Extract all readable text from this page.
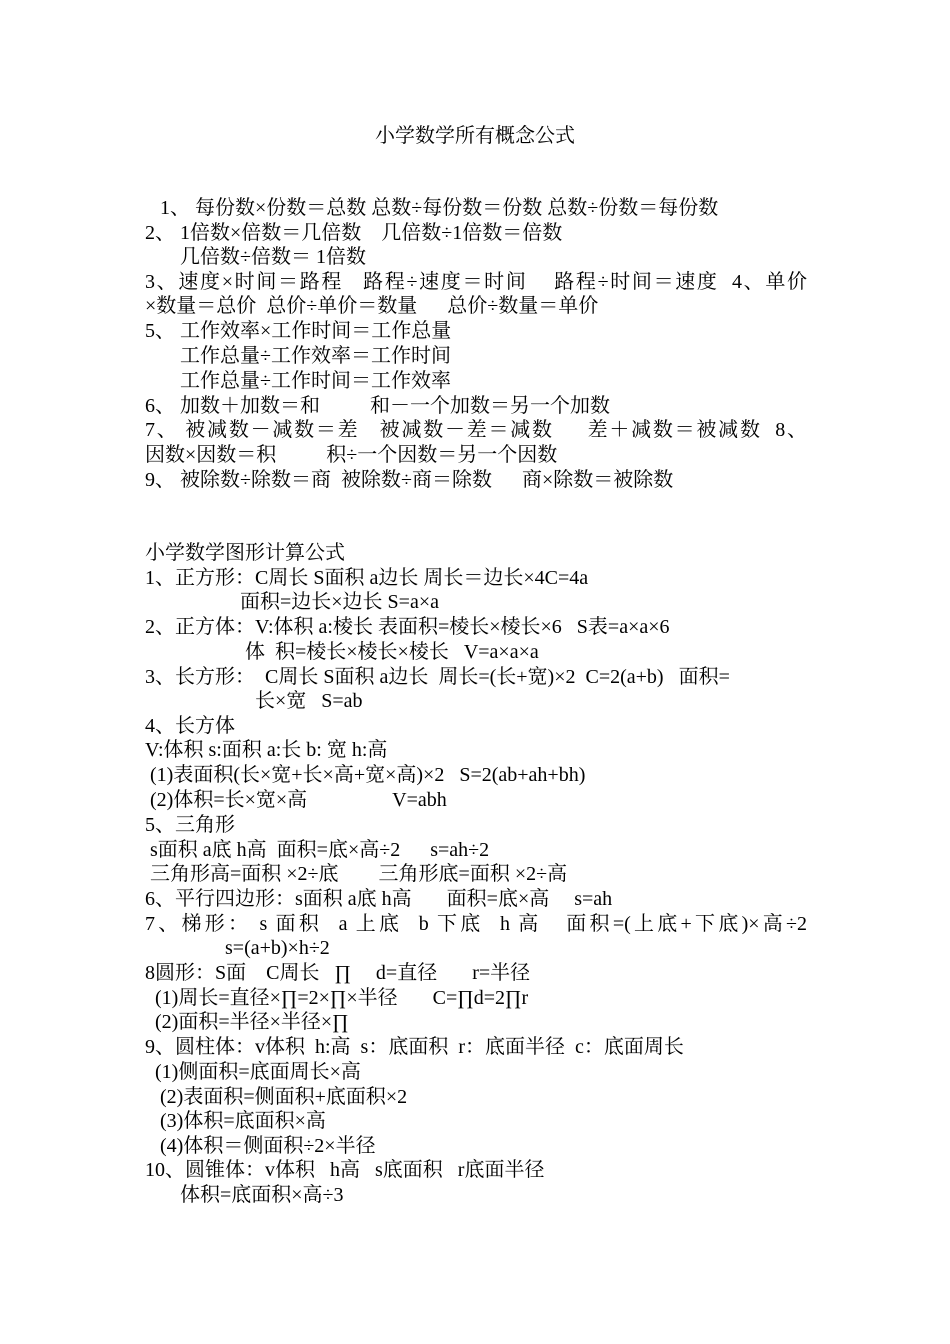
小学数学所有概念公式
1、 每份数×份数＝总数 总数÷每份数＝份数 总数÷份数＝每份数
2、 1倍数×倍数＝几倍数    几倍数÷1倍数＝倍数
几倍数÷倍数＝ 1倍数
3、速度×时间＝路程   路程÷速度＝时间    路程÷时间＝速度  4、单价
×数量＝总价  总价÷单价＝数量      总价÷数量＝单价
5、 工作效率×工作时间＝工作总量
工作总量÷工作效率＝工作时间
工作总量÷工作时间＝工作效率
6、 加数＋加数＝和          和－一个加数＝另一个加数
7、 被减数－减数＝差   被减数－差＝减数     差＋减数＝被减数  8、
因数×因数＝积          积÷一个因数＝另一个因数
9、 被除数÷除数＝商  被除数÷商＝除数      商×除数＝被除数
小学数学图形计算公式
1、正方形：C周长 S面积 a边长 周长＝边长×4C=4a
面积=边长×边长 S=a×a
2、正方体：V:体积 a:棱长 表面积=棱长×棱长×6   S表=a×a×6
体  积=棱长×棱长×棱长   V=a×a×a
3、长方形：  C周长 S面积 a边长  周长=(长+宽)×2  C=2(a+b)   面积=
长×宽   S=ab
4、长方体
V:体积 s:面积 a:长 b: 宽 h:高
(1)表面积(长×宽+长×高+宽×高)×2   S=2(ab+ah+bh)
(2)体积=长×宽×高                 V=abh
5、三角形
s面积 a底 h高  面积=底×高÷2      s=ah÷2
三角形高=面积 ×2÷底        三角形底=面积 ×2÷高
6、平行四边形：s面积 a底 h高       面积=底×高     s=ah
7、梯形： s 面积  a 上底  b 下底  h 高   面积=(上底+下底)×高÷2
s=(a+b)×h÷2
8圆形：S面    C周长   ∏     d=直径       r=半径
(1)周长=直径×∏=2×∏×半径       C=∏d=2∏r
(2)面积=半径×半径×∏
9、圆柱体：v体积  h:高  s：底面积  r：底面半径  c：底面周长
(1)侧面积=底面周长×高
(2)表面积=侧面积+底面积×2
(3)体积=底面积×高
(4)体积＝侧面积÷2×半径
10、圆锥体：v体积   h高   s底面积   r底面半径
体积=底面积×高÷3
